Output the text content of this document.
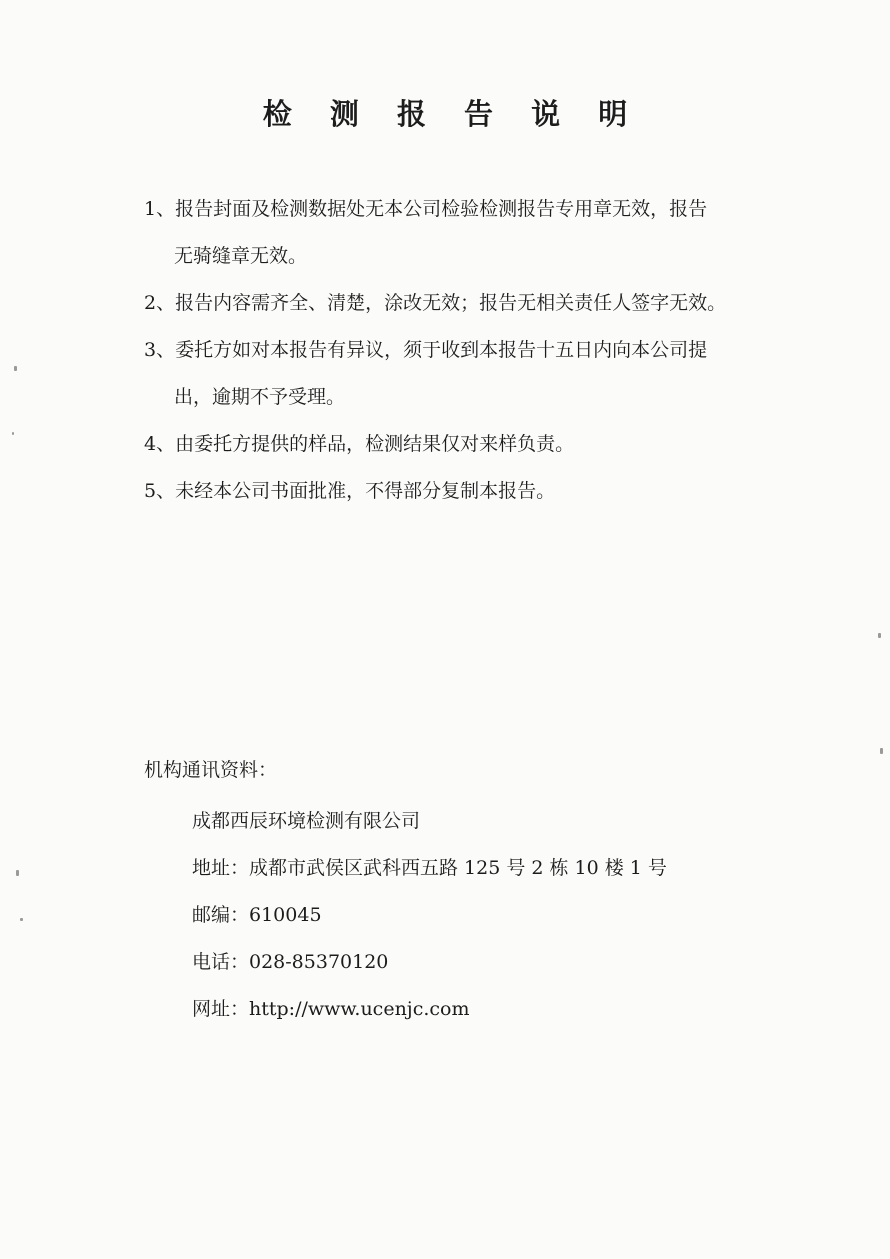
检 测 报 告 说 明
1、报告封面及检测数据处无本公司检验检测报告专用章无效，报告
无骑缝章无效。
2、报告内容需齐全、清楚，涂改无效；报告无相关责任人签字无效。
3、委托方如对本报告有异议，须于收到本报告十五日内向本公司提
出，逾期不予受理。
4、由委托方提供的样品，检测结果仅对来样负责。
5、未经本公司书面批准，不得部分复制本报告。
机构通讯资料：
成都西辰环境检测有限公司
地址：成都市武侯区武科西五路 125 号 2 栋 10 楼 1 号
邮编：610045
电话：028-85370120
网址：http://www.ucenjc.com
